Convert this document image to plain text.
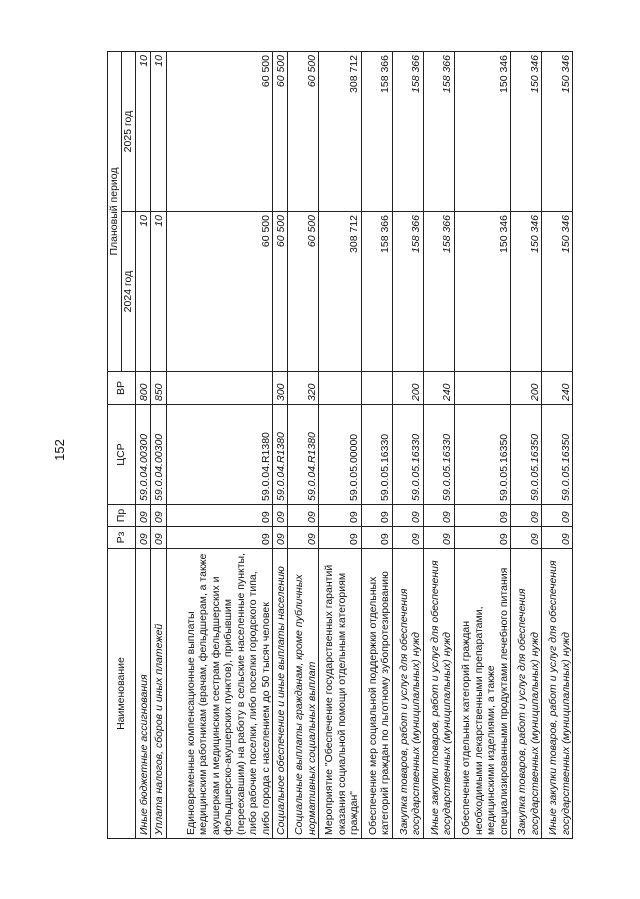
152
Наименование	Рз	Пр	ЦСР	ВР	Плановый период	
					2024 год	2025 год
Иные бюджетные ассигнования	09	09	59.0.04.00300	800	10	10
Уплата налогов, сборов и иных платежей	09	09	59.0.04.00300	850	10	10
Единовременные компенсационные выплаты медицинским работникам (врачам, фельдшерам, а также акушеркам и медицинским сестрам фельдшерских и фельдшерско-акушерских пунктов), прибывшим (переехавшим) на работу в сельские населенные пункты, либо рабочие поселки, либо поселки городского типа, либо города с населением до 50 тысяч человек	09	09	59.0.04.R1380		60 500	60 500
Социальное обеспечение и иные выплаты населению	09	09	59.0.04.R1380	300	60 500	60 500
Социальные выплаты гражданам, кроме публичных нормативных социальных выплат	09	09	59.0.04.R1380	320	60 500	60 500
Мероприятие "Обеспечение государственных гарантий оказания социальной помощи отдельным категориям граждан"	09	09	59.0.05.00000		308 712	308 712
Обеспечение мер социальной поддержки отдельных категорий граждан по льготному зубопротезированию	09	09	59.0.05.16330		158 366	158 366
Закупка товаров, работ и услуг для обеспечения государственных (муниципальных) нужд	09	09	59.0.05.16330	200	158 366	158 366
Иные закупки товаров, работ и услуг для обеспечения государственных (муниципальных) нужд	09	09	59.0.05.16330	240	158 366	158 366
Обеспечение отдельных категорий граждан необходимыми лекарственными препаратами, медицинскими изделиями, а также специализированными продуктами лечебного питания	09	09	59.0.05.16350		150 346	150 346
Закупка товаров, работ и услуг для обеспечения государственных (муниципальных) нужд	09	09	59.0.05.16350	200	150 346	150 346
Иные закупки товаров, работ и услуг для обеспечения государственных (муниципальных) нужд	09	09	59.0.05.16350	240	150 346	150 346
